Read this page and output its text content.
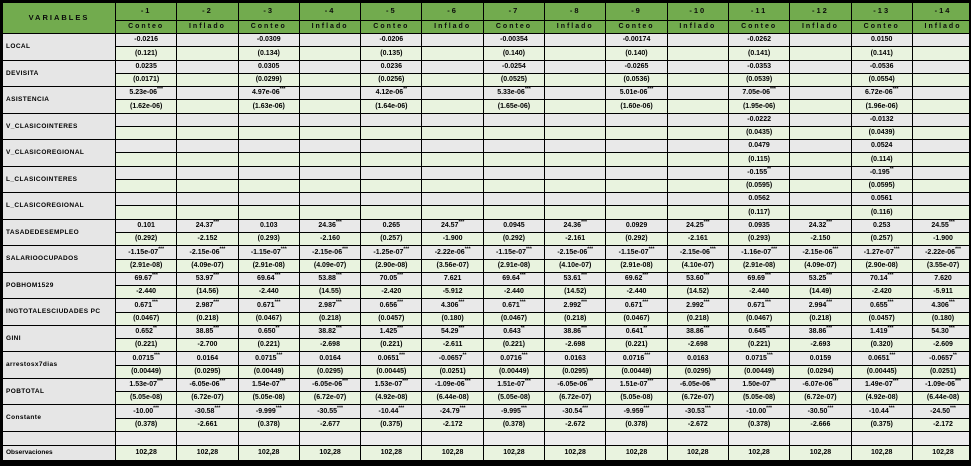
VARIABLES	-1	-2	-3	-4	-5	-6	-7	-8	-9	-10	-11	-12	-13	-14
	Conteo	Inflado	Conteo	Inflado	Conteo	Inflado	Conteo	Inflado	Conteo	Inflado	Conteo	Inflado	Conteo	Inflado
LOCAL	-0.0216		-0.0309		-0.0206		-0.00354		-0.00174		-0.0262		0.0150	
	(0.121)		(0.134)		(0.135)		(0.140)		(0.140)		(0.141)		(0.141)	
DEVISITA	0.0235		0.0305		0.0236		-0.0254		-0.0265		-0.0353		-0.0536	
	(0.0171)		(0.0299)		(0.0256)		(0.0525)		(0.0536)		(0.0539)		(0.0554)	
ASISTENCIA	5.23e-06***		4.97e-06***		4.12e-06**		5.33e-06***		5.01e-06***		7.05e-06***		6.72e-06***	
	(1.62e-06)		(1.63e-06)		(1.64e-06)		(1.65e-06)		(1.60e-06)		(1.95e-06)		(1.96e-06)	
V_CLASICOINTERES											-0.0222		-0.0132	
											(0.0435)		(0.0439)	
V_CLASICOREGIONAL											0.0479		0.0524	
											(0.115)		(0.114)	
L_CLASICOINTERES											-0.155**		-0.195**	
											(0.0595)		(0.0595)	
L_CLASICOREGIONAL											0.0562		0.0561	
											(0.117)		(0.116)	
TASADEDESEMPLEO	0.101	24.37***	0.103	24.36***	0.265	24.57***	0.0945	24.36***	0.0929	24.25***	0.0935	24.32***	0.253	24.55***
	(0.292)	-2.152	(0.293)	-2.160	(0.257)	-1.900	(0.292)	-2.161	(0.292)	-2.161	(0.293)	-2.150	(0.257)	-1.900
SALARIOOCUPADOS	-1.15e-07***	-2.15e-06***	-1.15e-07***	-2.15e-06***	-1.25e-07***	-2.22e-06***	-1.15e-07***	-2.15e-06***	-1.15e-07***	-2.15e-06***	-1.16e-07***	-2.15e-06***	-1.27e-07***	-2.22e-06***
	(2.91e-08)	(4.09e-07)	(2.91e-08)	(4.09e-07)	(2.90e-08)	(3.56e-07)	(2.91e-08)	(4.10e-07)	(2.91e-08)	(4.10e-07)	(2.91e-08)	(4.09e-07)	(2.90e-08)	(3.55e-07)
POBHOM1529	69.67***	53.97***	69.64***	53.88***	70.05***	7.621	69.64***	53.61***	69.62***	53.60***	69.69***	53.25***	70.14***	7.620
	-2.440	(14.56)	-2.440	(14.55)	-2.420	-5.912	-2.440	(14.52)	-2.440	(14.52)	-2.440	(14.49)	-2.420	-5.911
INGTOTALESCIUDADES PC	0.671***	2.987***	0.671***	2.987***	0.656***	4.306***	0.671***	2.992***	0.671***	2.992***	0.671***	2.994***	0.655***	4.306***
	(0.0467)	(0.218)	(0.0467)	(0.218)	(0.0457)	(0.180)	(0.0467)	(0.218)	(0.0467)	(0.218)	(0.0467)	(0.218)	(0.0457)	(0.180)
GINI	0.652**	38.85***	0.650**	38.82***	1.425***	54.29***	0.643**	38.86***	0.641**	38.86***	0.645**	38.86***	1.419***	54.30***
	(0.221)	-2.700	(0.221)	-2.698	(0.221)	-2.611	(0.221)	-2.698	(0.221)	-2.698	(0.221)	-2.693	(0.320)	-2.609
arrestosx7dias	0.0715***	0.0164	0.0715***	0.0164	0.0651***	-0.0657**	0.0716***	0.0163	0.0716***	0.0163	0.0715***	0.0159	0.0651***	-0.0657**
	(0.00449)	(0.0295)	(0.00449)	(0.0295)	(0.00445)	(0.0251)	(0.00449)	(0.0295)	(0.00449)	(0.0295)	(0.00449)	(0.0294)	(0.00445)	(0.0251)
POBTOTAL	1.53e-07***	-6.05e-06***	1.54e-07***	-6.05e-06***	1.53e-07***	-1.09e-06***	1.51e-07***	-6.05e-06***	1.51e-07***	-6.05e-06***	1.50e-07***	-6.07e-06***	1.49e-07***	-1.09e-06***
	(5.05e-08)	(6.72e-07)	(5.05e-08)	(6.72e-07)	(4.92e-08)	(6.44e-08)	(5.05e-08)	(6.72e-07)	(5.05e-08)	(6.72e-07)	(5.05e-08)	(6.72e-07)	(4.92e-08)	(6.44e-08)
Constante	-10.00***	-30.58***	-9.999***	-30.55***	-10.44***	-24.79***	-9.995***	-30.54***	-9.959***	-30.53***	-10.00***	-30.50***	-10.44***	-24.50***
	(0.378)	-2.661	(0.378)	-2.677	(0.375)	-2.172	(0.378)	-2.672	(0.378)	-2.672	(0.378)	-2.666	(0.375)	-2.172

Observaciones	102,28	102,28	102,28	102,28	102,28	102,28	102,28	102,28	102,28	102,28	102,28	102,28	102,28	102,28
